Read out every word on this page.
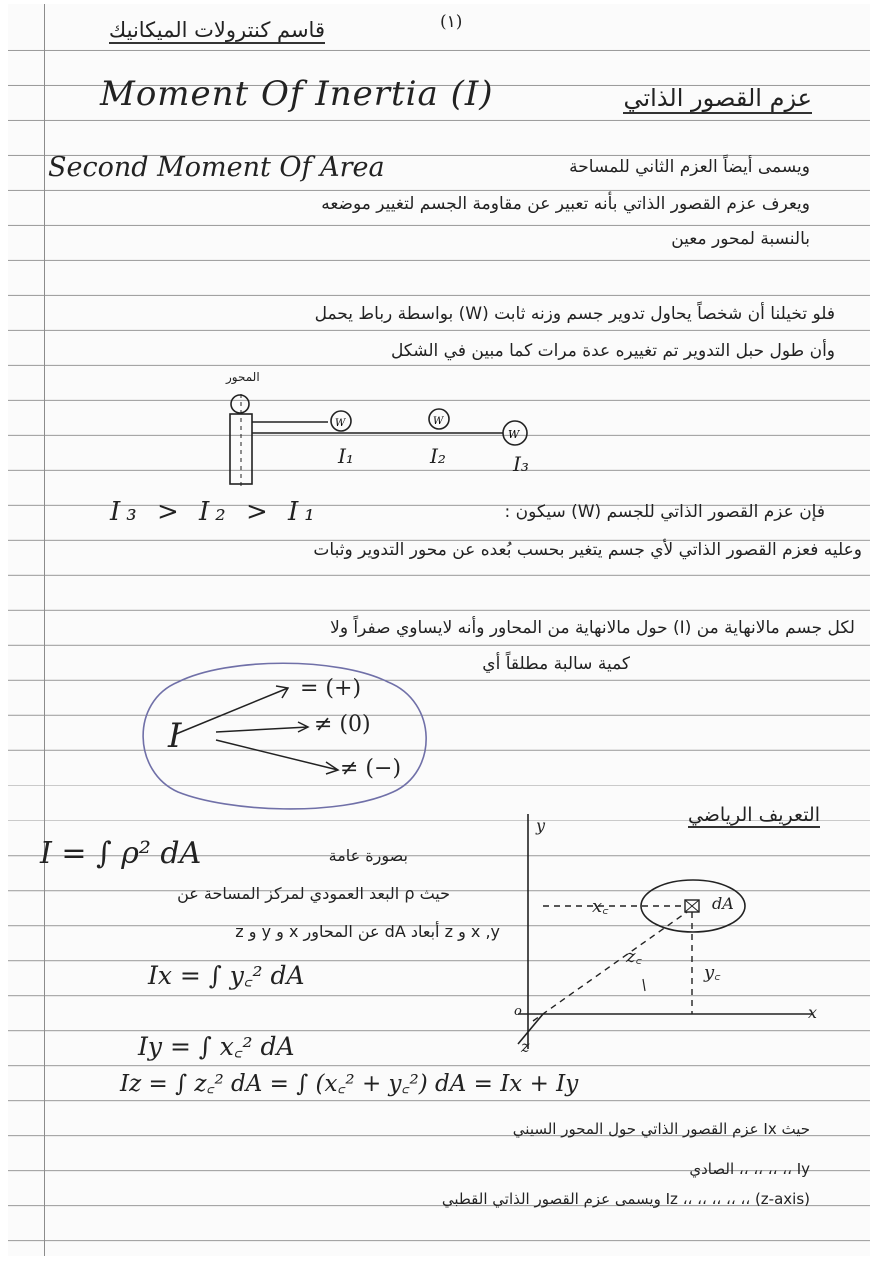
(١)
قاسم كنترولات الميكانيك
Moment Of Inertia (I)	عزم القصور الذاتي
Second Moment Of Area	ويسمى أيضاً العزم الثاني للمساحة
ويعرف عزم القصور الذاتي بأنه تعبير عن مقاومة الجسم لتغيير موضعه
بالنسبة لمحور معين
فلو تخيلنا أن شخصاً يحاول تدوير جسم وزنه ثابت (W) بواسطة رباط يحمل
وأن طول حبل التدوير تم تغييره عدة مرات كما مبين في الشكل
المحور
W	W
W
I₁	I₂	I₃
I₃ > I₂ > I₁	فإن عزم القصور الذاتي للجسم (W) سيكون :
وعليه فعزم القصور الذاتي لأي جسم يتغير بحسب بُعده عن محور التدوير وثبات
لكل جسم مالانهاية من (I) حول مالانهاية من المحاور وأنه لايساوي صفراً ولا
كمية سالبة مطلقاً أي
I
= (+)
≠ (0)
≠ (−)
التعريف الرياضي
I = ∫ ρ² dA	بصورة عامة
حيث ρ البعد العمودي لمركز المساحة عن
x ,y و z أبعاد dA عن المحاور x و y و z
Ix = ∫ y꜀² dA
Iy = ∫ x꜀² dA
Iz = ∫ z꜀² dA = ∫ (x꜀² + y꜀²) dA = Ix + Iy
y
x
z
o
x꜀
y꜀
z꜀
dA
حيث Ix عزم القصور الذاتي حول المحور السيني
Iy ،، ،، ،، ،، الصادي
Iz ،، ،، ،، ،، ،، (z-axis) ويسمى عزم القصور الذاتي القطبي
